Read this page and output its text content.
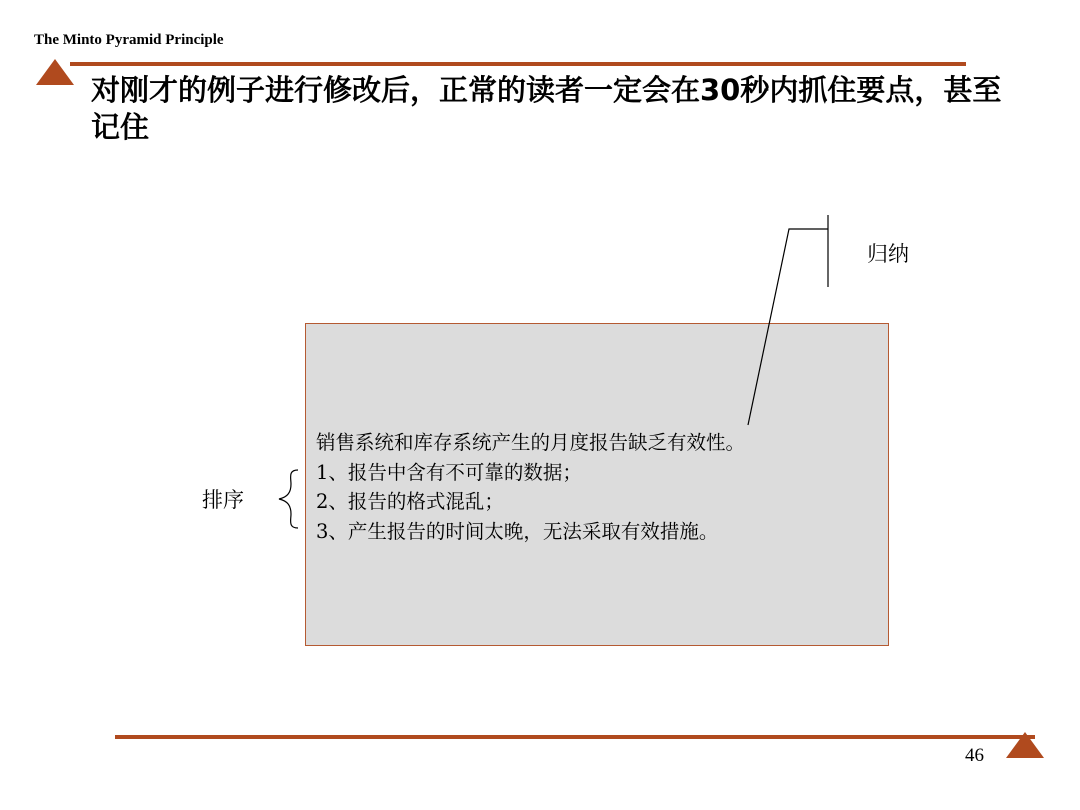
The Minto Pyramid Principle
对刚才的例子进行修改后，正常的读者一定会在30秒内抓住要点，甚至记住
销售系统和库存系统产生的月度报告缺乏有效性。
1、报告中含有不可靠的数据；
2、报告的格式混乱；
3、产生报告的时间太晚，无法采取有效措施。
归纳
排序
46
